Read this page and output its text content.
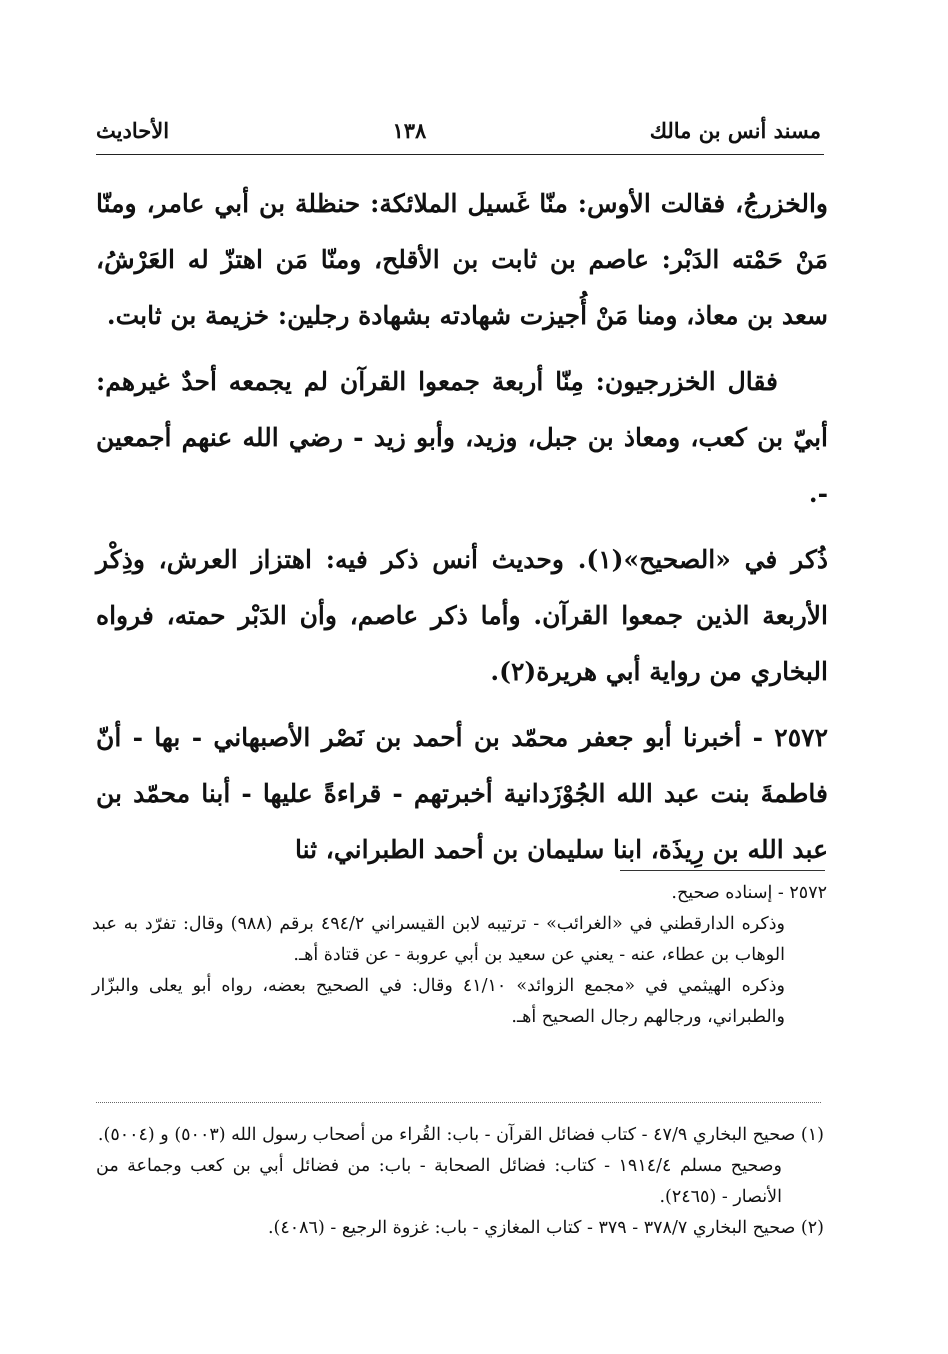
مسند أنس بن مالك
١٣٨
الأحاديث

والخزرجُ، فقالت الأوس: منّا غَسيل الملائكة: حنظلة بن أبي عامر، ومنّا مَنْ حَمْته الدَبْر: عاصم بن ثابت بن الأقلح، ومنّا مَن اهتزّ له العَرْشُ، سعد بن معاذ، ومنا مَنْ أُجيزت شهادته بشهادة رجلين: خزيمة بن ثابت.

فقال الخزرجيون: مِنّا أربعة جمعوا القرآن لم يجمعه أحدٌ غيرهم: أبيّ بن كعب، ومعاذ بن جبل، وزيد، وأبو زيد - رضي الله عنهم أجمعين -.

ذُكر في «الصحيح»(١). وحديث أنس ذكر فيه: اهتزاز العرش، وذِكْر الأربعة الذين جمعوا القرآن. وأما ذكر عاصم، وأن الدَبْر حمته، فرواه البخاري من رواية أبي هريرة(٢).

٢٥٧٢ - أخبرنا أبو جعفر محمّد بن أحمد بن نَصْر الأصبهاني - بها - أنّ فاطمةَ بنت عبد الله الجُوْزَدانية أخبرتهم - قراءةً عليها - أبنا محمّد بن عبد الله بن رِيذَة، ابنا سليمان بن أحمد الطبراني، ثنا

٢٥٧٢ - إسناده صحيح.

وذكره الدارقطني في «الغرائب» - ترتيبه لابن القيسراني ٤٩٤/٢ برقم (٩٨٨) وقال: تفرّد به عبد الوهاب بن عطاء، عنه - يعني عن سعيد بن أبي عروبة - عن قتادة أهـ.

وذكره الهيثمي في «مجمع الزوائد» ٤١/١٠ وقال: في الصحيح بعضه، رواه أبو يعلى والبزّار والطبراني، ورجالهم رجال الصحيح أهـ.

(١) صحيح البخاري ٤٧/٩ - كتاب فضائل القرآن - باب: القُراء من أصحاب رسول الله (٥٠٠٣) و (٥٠٠٤).

وصحيح مسلم ١٩١٤/٤ - كتاب: فضائل الصحابة - باب: من فضائل أبي بن كعب وجماعة من الأنصار - (٢٤٦٥).

(٢) صحيح البخاري ٣٧٨/٧ - ٣٧٩ - كتاب المغازي - باب: غزوة الرجيع - (٤٠٨٦).
